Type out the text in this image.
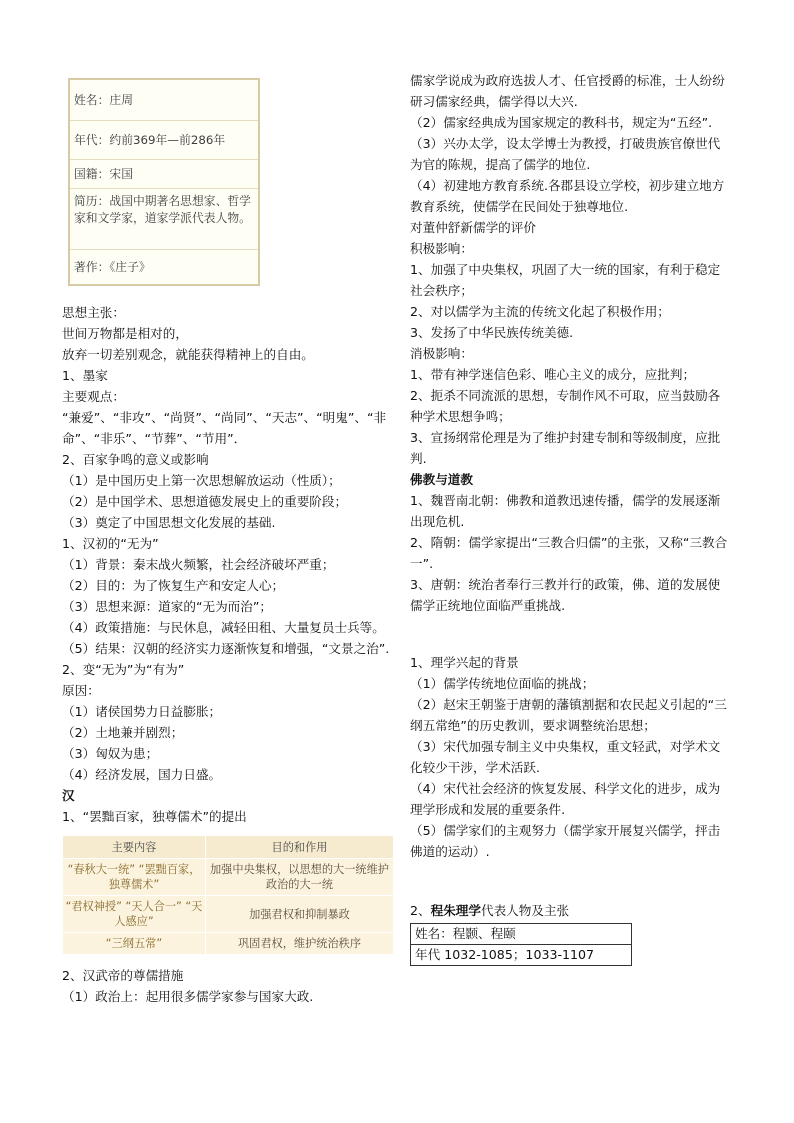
姓名：庄周
年代：约前369年—前286年
国籍：宋国
简历：战国中期著名思想家、哲学家和文学家，道家学派代表人物。
著作：《庄子》

思想主张：

世间万物都是相对的，

放弃一切差别观念，就能获得精神上的自由。

1、墨家

主要观点：

“兼爱”、“非攻”、“尚贤”、“尚同”、“天志”、“明鬼”、“非命”、“非乐”、“节葬”、“节用”．

2、百家争鸣的意义或影响

（1）是中国历史上第一次思想解放运动（性质）；

（2）是中国学术、思想道德发展史上的重要阶段；

（3）奠定了中国思想文化发展的基础.

1、汉初的“无为”

（1）背景：秦末战火频繁，社会经济破坏严重；

（2）目的：为了恢复生产和安定人心；

（3）思想来源：道家的“无为而治”；

（4）政策措施：与民休息，减轻田租、大量复员士兵等。

（5）结果：汉朝的经济实力逐渐恢复和增强，“文景之治”.

2、变“无为”为“有为”

原因：

（1）诸侯国势力日益膨胀；

（2）土地兼并剧烈；

（3）匈奴为患；

（4）经济发展，国力日盛。

汉

1、“罢黜百家，独尊儒术”的提出

主要内容	目的和作用
“春秋大一统” “罢黜百家，独尊儒术”	加强中央集权，以思想的大一统维护政治的大一统
“君权神授” “天人合一” “天人感应”	加强君权和抑制暴政
“三纲五常”	巩固君权，维护统治秩序

2、汉武帝的尊儒措施

（1）政治上：起用很多儒学家参与国家大政.

儒家学说成为政府选拔人才、任官授爵的标准，士人纷纷研习儒家经典，儒学得以大兴.

（2）儒家经典成为国家规定的教科书，规定为“五经”.

（3）兴办太学，设太学博士为教授，打破贵族官僚世代为官的陈规，提高了儒学的地位.

（4）初建地方教育系统.各郡县设立学校，初步建立地方教育系统，使儒学在民间处于独尊地位.

对董仲舒新儒学的评价

积极影响：

1、加强了中央集权，巩固了大一统的国家，有利于稳定社会秩序；

2、对以儒学为主流的传统文化起了积极作用；

3、发扬了中华民族传统美德.

消极影响：

1、带有神学迷信色彩、唯心主义的成分，应批判；

2、扼杀不同流派的思想，专制作风不可取，应当鼓励各种学术思想争鸣；

3、宣扬纲常伦理是为了维护封建专制和等级制度，应批判.

佛教与道教

1、魏晋南北朝：佛教和道教迅速传播，儒学的发展逐渐出现危机.

2、隋朝：儒学家提出“三教合归儒”的主张，又称“三教合一”.

3、唐朝：统治者奉行三教并行的政策，佛、道的发展使儒学正统地位面临严重挑战.

1、理学兴起的背景

（1）儒学传统地位面临的挑战；

（2）赵宋王朝鉴于唐朝的藩镇割据和农民起义引起的“三纲五常绝”的历史教训，要求调整统治思想；

（3）宋代加强专制主义中央集权，重文轻武，对学术文化较少干涉，学术活跃.

（4）宋代社会经济的恢复发展、科学文化的进步，成为理学形成和发展的重要条件.

（5）儒学家们的主观努力（儒学家开展复兴儒学，抨击佛道的运动）.

2、程朱理学代表人物及主张

姓名：程颢、程颐
年代 1032-1085；1033-1107
